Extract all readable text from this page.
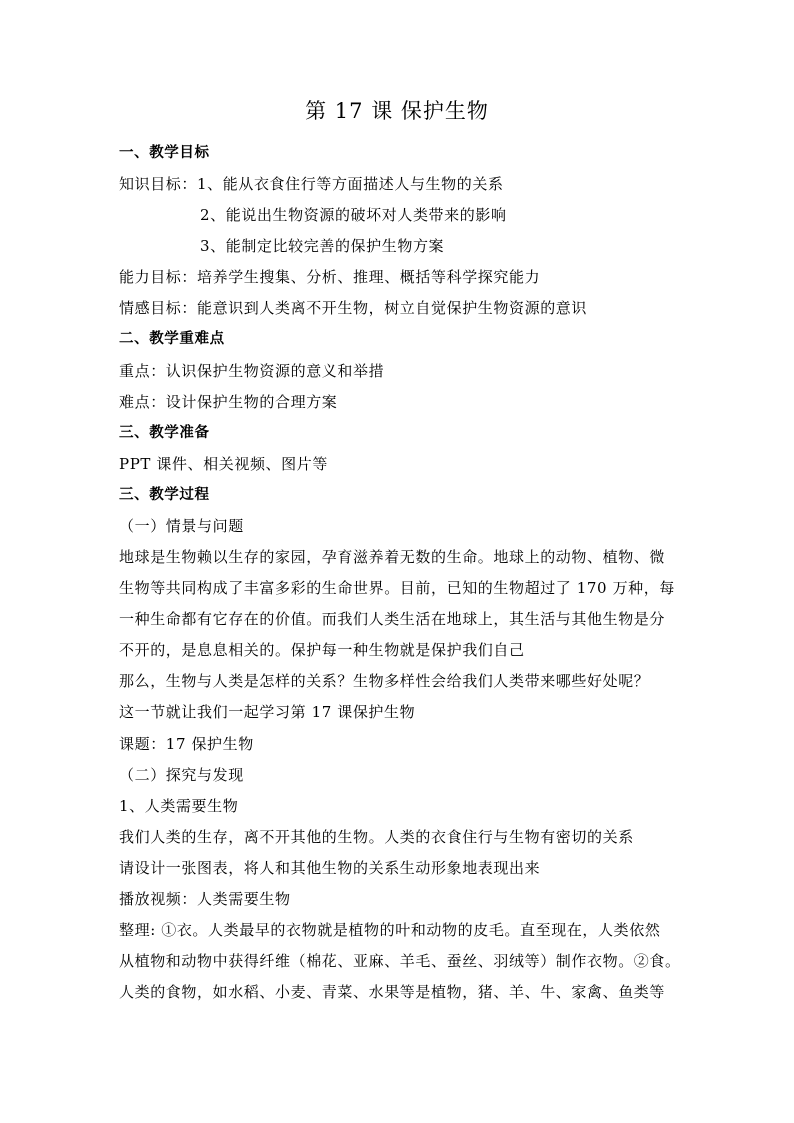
第 17 课 保护生物
一、教学目标
知识目标：1、能从衣食住行等方面描述人与生物的关系
2、能说出生物资源的破坏对人类带来的影响
3、能制定比较完善的保护生物方案
能力目标：培养学生搜集、分析、推理、概括等科学探究能力
情感目标：能意识到人类离不开生物，树立自觉保护生物资源的意识
二、教学重难点
重点：认识保护生物资源的意义和举措
难点：设计保护生物的合理方案
三、教学准备
PPT 课件、相关视频、图片等
三、教学过程
（一）情景与问题
地球是生物赖以生存的家园，孕育滋养着无数的生命。地球上的动物、植物、微
生物等共同构成了丰富多彩的生命世界。目前，已知的生物超过了 170 万种，每
一种生命都有它存在的价值。而我们人类生活在地球上，其生活与其他生物是分
不开的，是息息相关的。保护每一种生物就是保护我们自己
那么，生物与人类是怎样的关系？生物多样性会给我们人类带来哪些好处呢？
这一节就让我们一起学习第 17 课保护生物
课题：17 保护生物
（二）探究与发现
1、人类需要生物
我们人类的生存，离不开其他的生物。人类的衣食住行与生物有密切的关系
请设计一张图表，将人和其他生物的关系生动形象地表现出来
播放视频：人类需要生物
整理: ①衣。人类最早的衣物就是植物的叶和动物的皮毛。直至现在，人类依然
从植物和动物中获得纤维（棉花、亚麻、羊毛、蚕丝、羽绒等）制作衣物。②食。
人类的食物，如水稻、小麦、青菜、水果等是植物，猪、羊、牛、家禽、鱼类等
